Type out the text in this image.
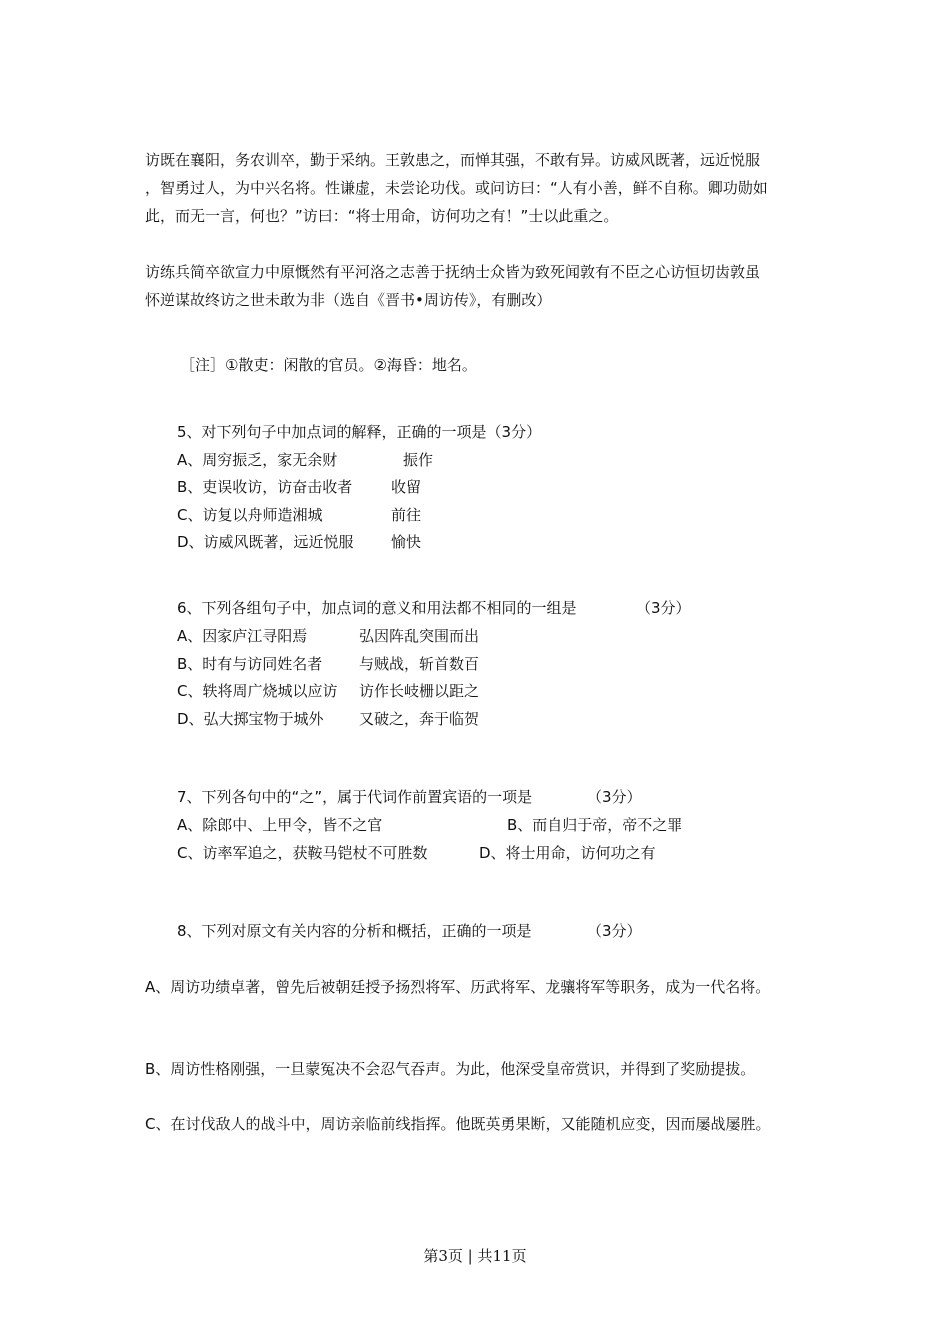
访既在襄阳，务农训卒，勤于采纳。王敦患之，而惮其强，不敢有异。访威风既著，远近悦服
，智勇过人，为中兴名将。性谦虚，未尝论功伐。或问访曰：“人有小善，鲜不自称。卿功勋如
此，而无一言，何也？”访曰：“将士用命，访何功之有！”士以此重之。
访练兵简卒欲宣力中原慨然有平河洛之志善于抚纳士众皆为致死闻敦有不臣之心访恒切齿敦虽
怀逆谋故终访之世未敢为非（选自《晋书•周访传》，有删改）
［注］①散吏：闲散的官员。②海昏：地名。
5、对下列句子中加点词的解释，正确的一项是（3分）
A、周穷振乏，家无余财	振作
B、吏误收访，访奋击收者	收留
C、访复以舟师造湘城	前往
D、访威风既著，远近悦服 愉快
6、下列各组句子中，加点词的意义和用法都不相同的一组是	（3分）
A、因家庐江寻阳焉	弘因阵乱突围而出
B、时有与访同姓名者 与贼战，斩首数百
C、轶将周广烧城以应访 访作长岐栅以距之
D、弘大掷宝物于城外 又破之，奔于临贺
7、下列各句中的“之”，属于代词作前置宾语的一项是	（3分）
A、除郎中、上甲令，皆不之官	B、而自归于帝，帝不之罪
C、访率军追之，获鞍马铠杖不可胜数	D、将士用命，访何功之有
8、下列对原文有关内容的分析和概括，正确的一项是	（3分）
A、周访功绩卓著，曾先后被朝廷授予扬烈将军、历武将军、龙骧将军等职务，成为一代名将。
B、周访性格刚强，一旦蒙冤决不会忍气吞声。为此，他深受皇帝赏识，并得到了奖励提拔。
C、在讨伐敌人的战斗中，周访亲临前线指挥。他既英勇果断，又能随机应变，因而屡战屡胜。
第3页 | 共11页
